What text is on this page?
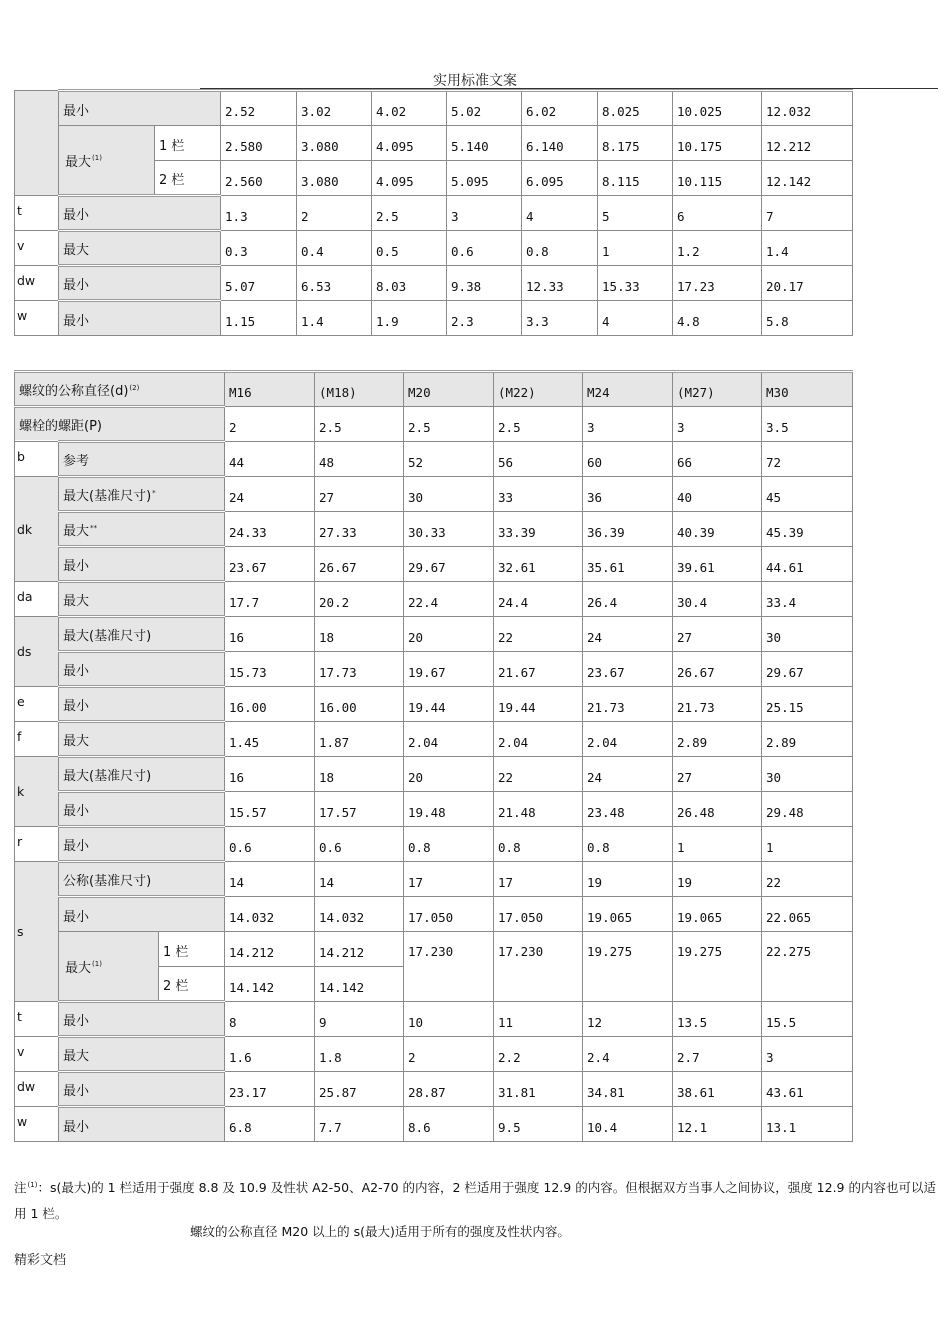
实用标准文案
	最小		2.52	3.02	4.02	5.02	6.02	8.025	10.025	12.032
	最大$^{(1)}$	1 栏	2.580	3.080	4.095	5.140	6.140	8.175	10.175	12.212
		2 栏	2.560	3.080	4.095	5.095	6.095	8.115	10.115	12.142
t	最小		1.3	2	2.5	3	4	5	6	7
v	最大		0.3	0.4	0.5	0.6	0.8	1	1.2	1.4
dw	最小		5.07	6.53	8.03	9.38	12.33	15.33	17.23	20.17
w	最小		1.15	1.4	1.9	2.3	3.3	4	4.8	5.8
螺纹的公称直径(d)$^{(2)}$			M16	(M18)	M20	(M22)	M24	(M27)	M30
螺栓的螺距(P)			2	2.5	2.5	2.5	3	3	3.5
b	参考		44	48	52	56	60	66	72
dk	最大(基准尺寸)*		24	27	30	33	36	40	45
	最大**		24.33	27.33	30.33	33.39	36.39	40.39	45.39
	最小		23.67	26.67	29.67	32.61	35.61	39.61	44.61
da	最大		17.7	20.2	22.4	24.4	26.4	30.4	33.4
ds	最大(基准尺寸)		16	18	20	22	24	27	30
	最小		15.73	17.73	19.67	21.67	23.67	26.67	29.67
e	最小		16.00	16.00	19.44	19.44	21.73	21.73	25.15
f	最大		1.45	1.87	2.04	2.04	2.04	2.89	2.89
k	最大(基准尺寸)		16	18	20	22	24	27	30
	最小		15.57	17.57	19.48	21.48	23.48	26.48	29.48
r	最小		0.6	0.6	0.8	0.8	0.8	1	1
s	公称(基准尺寸)		14	14	17	17	19	19	22
	最小		14.032	14.032	17.050	17.050	19.065	19.065	22.065
	最大$^{(1)}$	1 栏	14.212	14.212	17.230	17.230	19.275	19.275	22.275
		2 栏	14.142	14.142					
t	最小		8	9	10	11	12	13.5	15.5
v	最大		1.6	1.8	2	2.2	2.4	2.7	3
dw	最小		23.17	25.87	28.87	31.81	34.81	38.61	43.61
w	最小		6.8	7.7	8.6	9.5	10.4	12.1	13.1
注$^{(1)}$：s(最大)的 1 栏适用于强度 8.8 及 10.9 及性状 A2-50、A2-70 的内容，2 栏适用于强度 12.9 的内容。但根据双方当事人之间协议，强度 12.9 的内容也可以适用 1 栏。
螺纹的公称直径 M20 以上的 s(最大)适用于所有的强度及性状内容。
精彩文档
